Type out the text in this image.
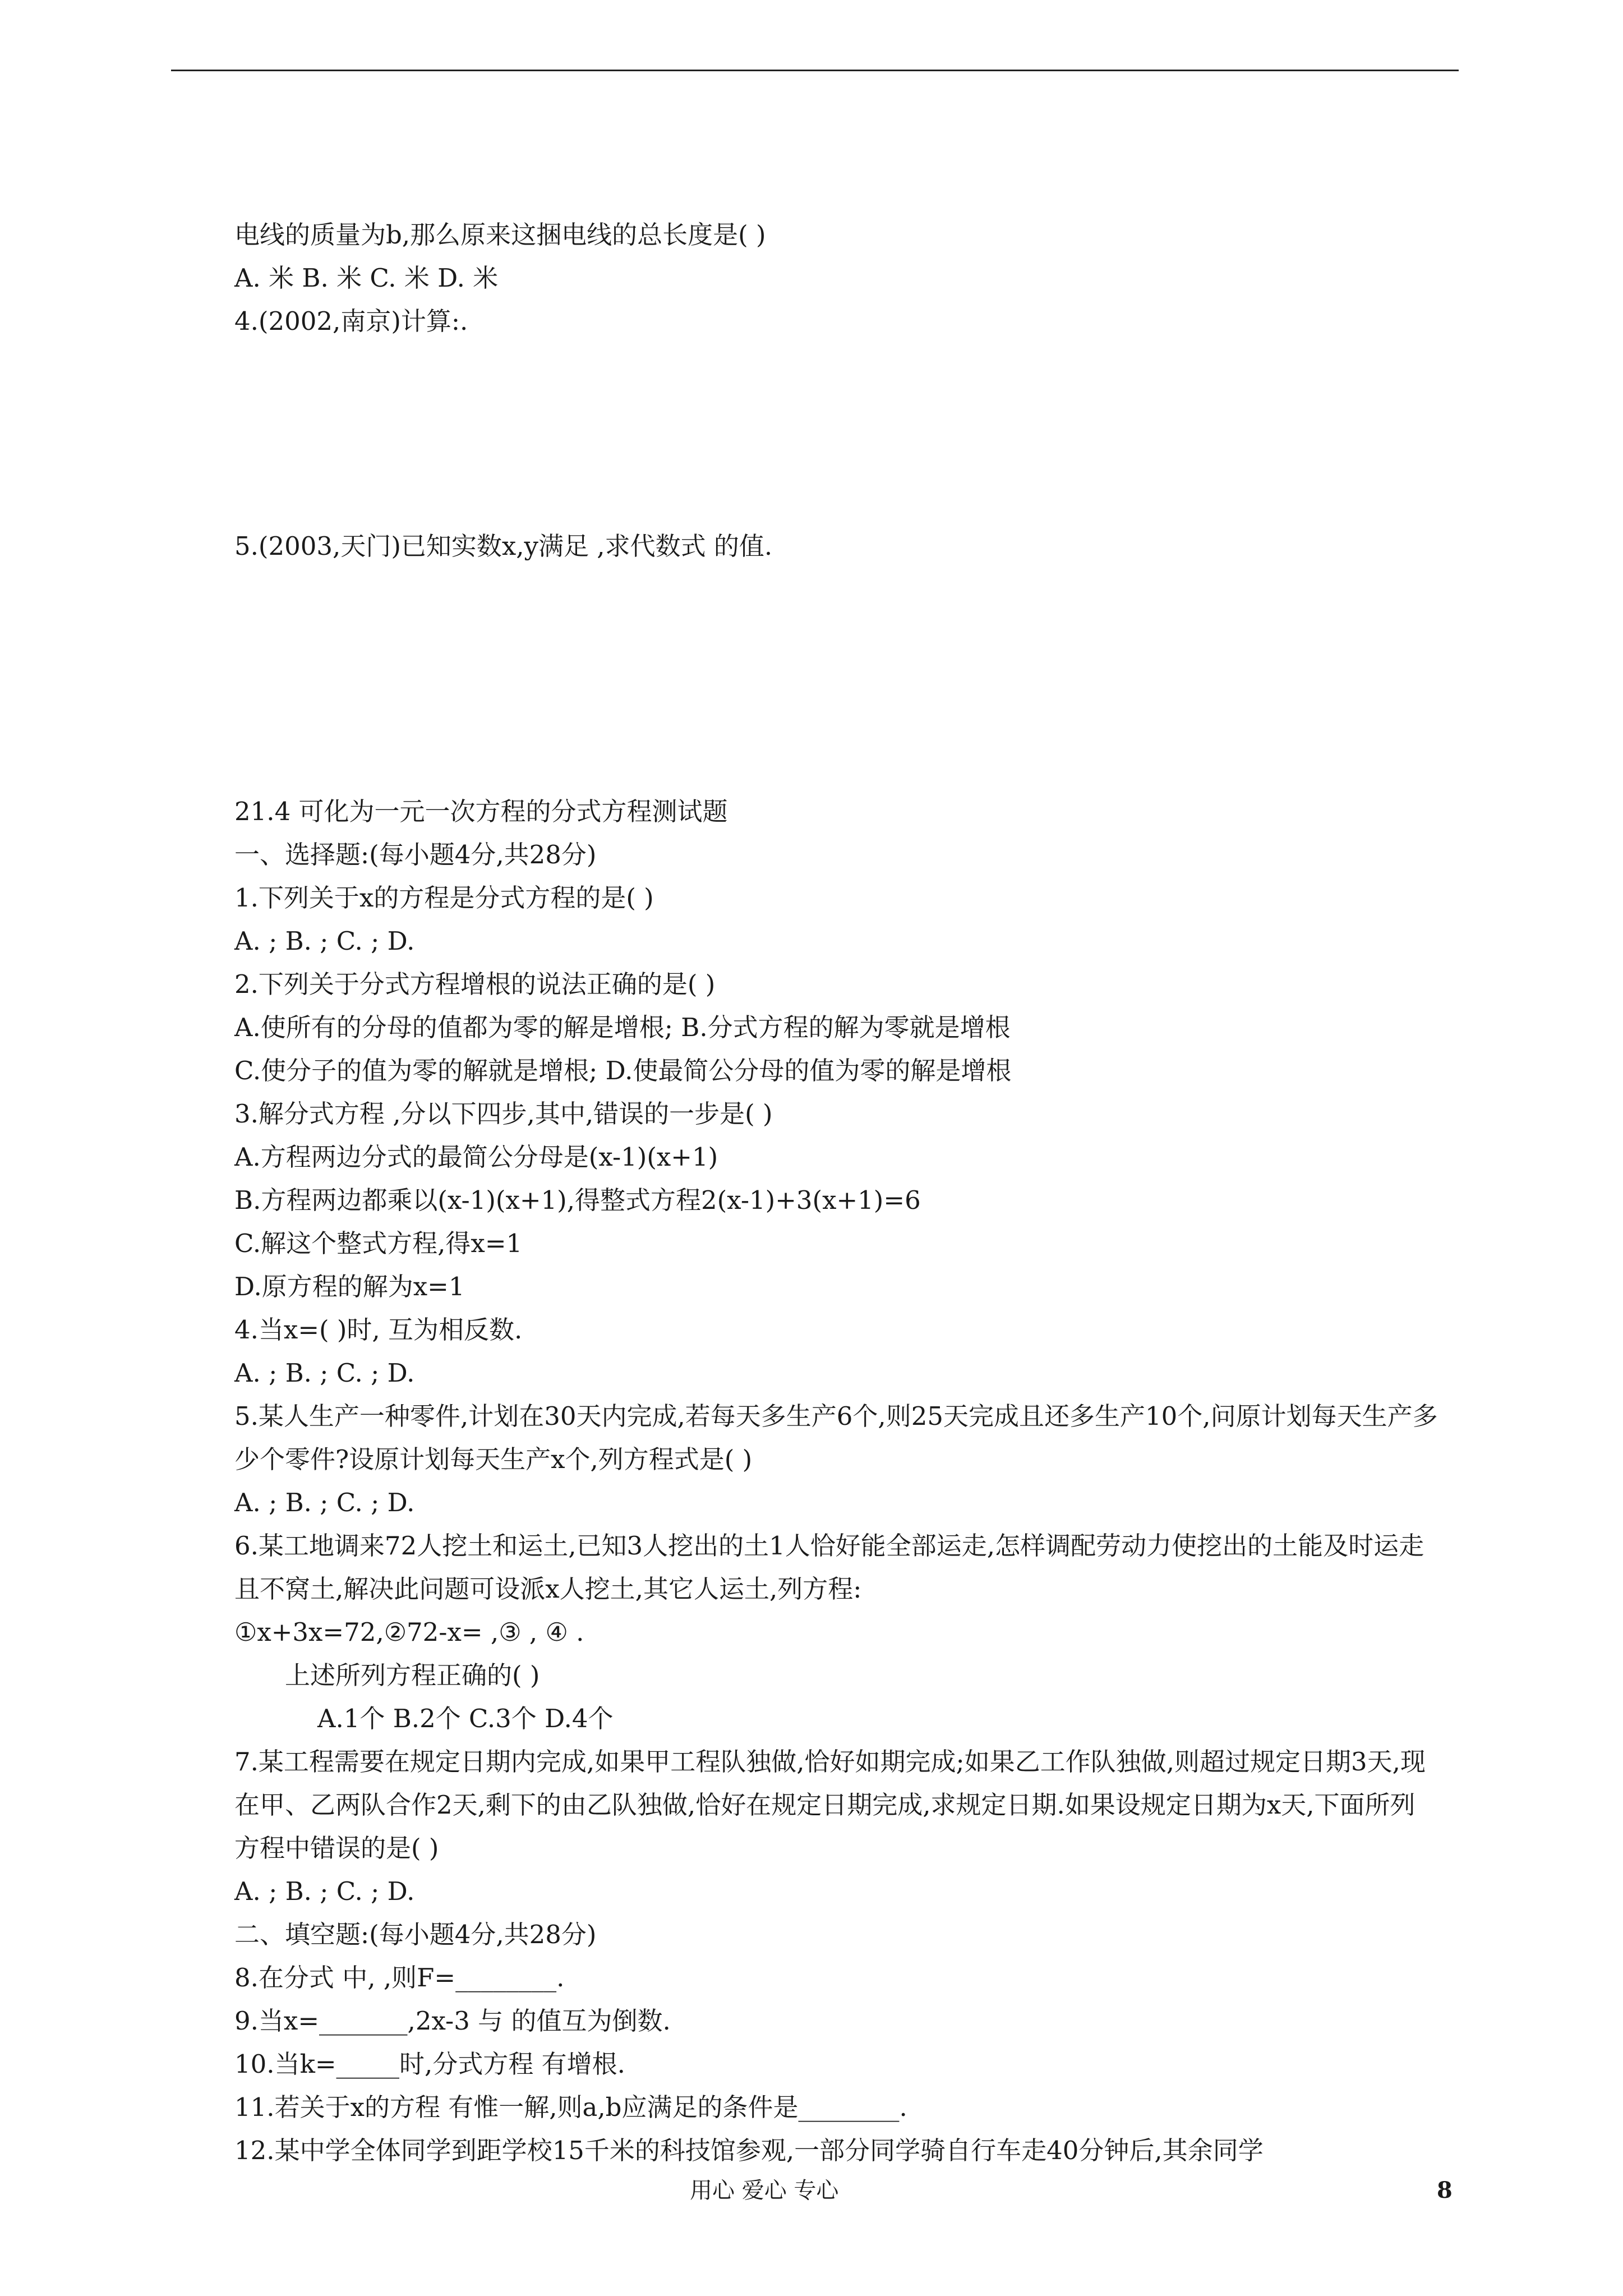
电线的质量为b,那么原来这捆电线的总长度是( )
A. 米 B. 米 C. 米 D. 米
4.(2002,南京)计算:.
5.(2003,天门)已知实数x,y满足 ,求代数式 的值.
21.4 可化为一元一次方程的分式方程测试题
一、选择题:(每小题4分,共28分)
1.下列关于x的方程是分式方程的是( )
A. ; B. ; C. ; D.
2.下列关于分式方程增根的说法正确的是( )
A.使所有的分母的值都为零的解是增根; B.分式方程的解为零就是增根
C.使分子的值为零的解就是增根; D.使最简公分母的值为零的解是增根
3.解分式方程 ,分以下四步,其中,错误的一步是( )
A.方程两边分式的最简公分母是(x-1)(x+1)
B.方程两边都乘以(x-1)(x+1),得整式方程2(x-1)+3(x+1)=6
C.解这个整式方程,得x=1
D.原方程的解为x=1
4.当x=( )时, 互为相反数.
A. ; B. ; C. ; D.
5.某人生产一种零件,计划在30天内完成,若每天多生产6个,则25天完成且还多生产10个,问原计划每天生产多少个零件?设原计划每天生产x个,列方程式是( )
A. ; B. ; C. ; D.
6.某工地调来72人挖土和运土,已知3人挖出的土1人恰好能全部运走,怎样调配劳动力使挖出的土能及时运走且不窝土,解决此问题可设派x人挖土,其它人运土,列方程:
①x+3x=72,②72-x= ,③ , ④ .
上述所列方程正确的( )
A.1个 B.2个 C.3个 D.4个
7.某工程需要在规定日期内完成,如果甲工程队独做,恰好如期完成;如果乙工作队独做,则超过规定日期3天,现在甲、乙两队合作2天,剩下的由乙队独做,恰好在规定日期完成,求规定日期.如果设规定日期为x天,下面所列方程中错误的是( )
A. ; B. ; C. ; D.
二、填空题:(每小题4分,共28分)
8.在分式 中, ,则F=________.
9.当x=_______,2x-3 与 的值互为倒数.
10.当k=_____时,分式方程 有增根.
11.若关于x的方程 有惟一解,则a,b应满足的条件是________.
12.某中学全体同学到距学校15千米的科技馆参观,一部分同学骑自行车走40分钟后,其余同学
用心 爱心 专心	8
